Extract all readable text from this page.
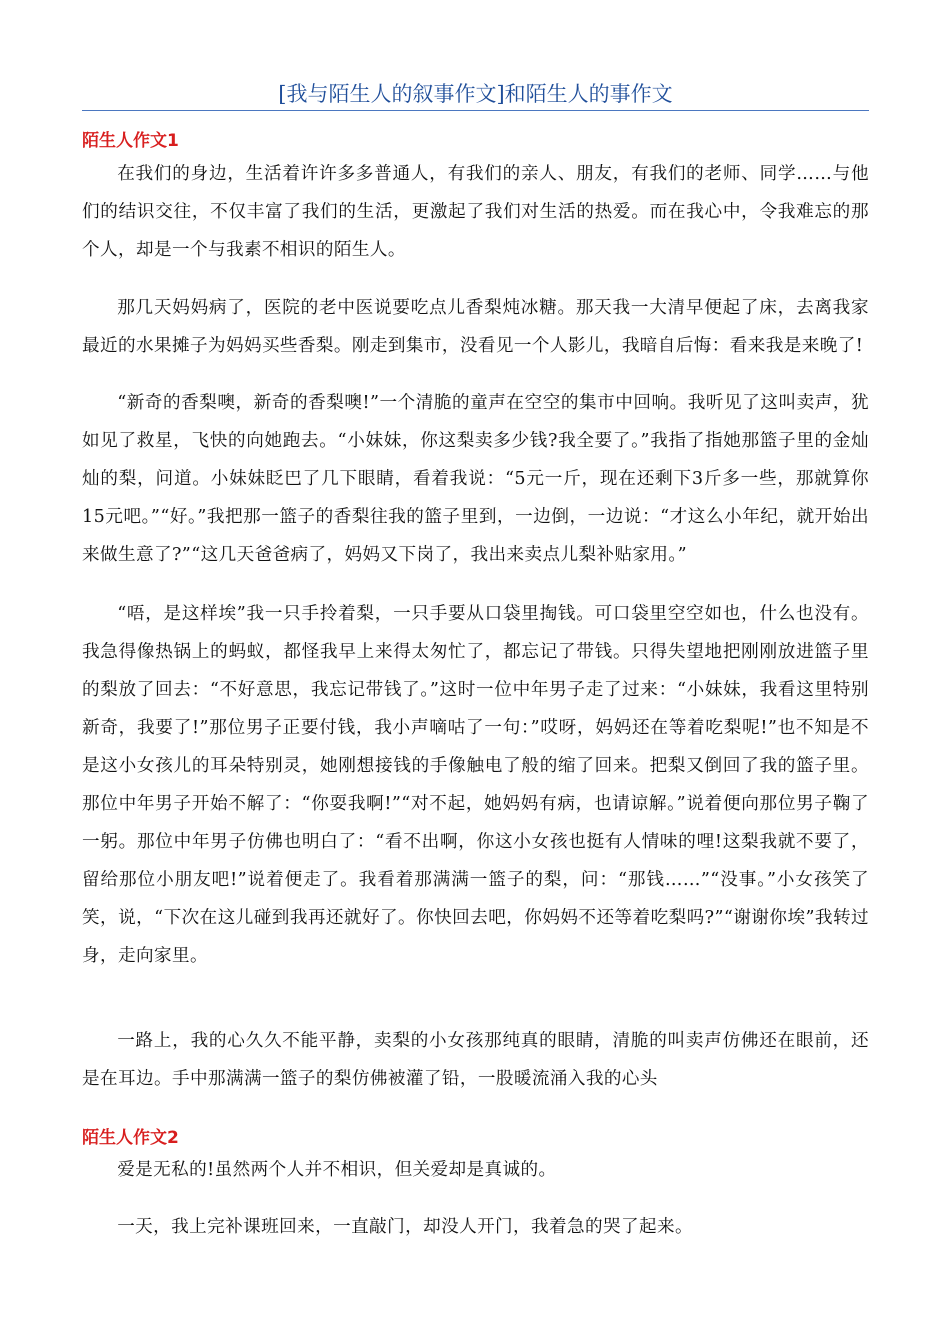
[我与陌生人的叙事作文]和陌生人的事作文
陌生人作文1

在我们的身边，生活着许许多多普通人，有我们的亲人、朋友，有我们的老师、同学……与他们的结识交往，不仅丰富了我们的生活，更激起了我们对生活的热爱。而在我心中，令我难忘的那个人，却是一个与我素不相识的陌生人。

那几天妈妈病了，医院的老中医说要吃点儿香梨炖冰糖。那天我一大清早便起了床，去离我家最近的水果摊子为妈妈买些香梨。刚走到集市，没看见一个人影儿，我暗自后悔：看来我是来晚了!

“新奇的香梨噢，新奇的香梨噢!”一个清脆的童声在空空的集市中回响。我听见了这叫卖声，犹如见了救星，飞快的向她跑去。“小妹妹，你这梨卖多少钱?我全要了。”我指了指她那篮子里的金灿灿的梨，问道。小妹妹眨巴了几下眼睛，看着我说：“5元一斤，现在还剩下3斤多一些，那就算你15元吧。”“好。”我把那一篮子的香梨往我的篮子里到，一边倒，一边说：“才这么小年纪，就开始出来做生意了?”“这几天爸爸病了，妈妈又下岗了，我出来卖点儿梨补贴家用。”

“唔，是这样埃”我一只手拎着梨，一只手要从口袋里掏钱。可口袋里空空如也，什么也没有。我急得像热锅上的蚂蚁，都怪我早上来得太匆忙了，都忘记了带钱。只得失望地把刚刚放进篮子里的梨放了回去：“不好意思，我忘记带钱了。”这时一位中年男子走了过来：“小妹妹，我看这里特别新奇，我要了!”那位男子正要付钱，我小声嘀咕了一句：”哎呀，妈妈还在等着吃梨呢!”也不知是不是这小女孩儿的耳朵特别灵，她刚想接钱的手像触电了般的缩了回来。把梨又倒回了我的篮子里。那位中年男子开始不解了：“你耍我啊!”“对不起，她妈妈有病，也请谅解。”说着便向那位男子鞠了一躬。那位中年男子仿佛也明白了：“看不出啊，你这小女孩也挺有人情味的哩!这梨我就不要了，留给那位小朋友吧!”说着便走了。我看着那满满一篮子的梨，问：“那钱……”“没事。”小女孩笑了笑，说，“下次在这儿碰到我再还就好了。你快回去吧，你妈妈不还等着吃梨吗?”“谢谢你埃”我转过身，走向家里。

一路上，我的心久久不能平静，卖梨的小女孩那纯真的眼睛，清脆的叫卖声仿佛还在眼前，还是在耳边。手中那满满一篮子的梨仿佛被灌了铅，一股暖流涌入我的心头

陌生人作文2

爱是无私的!虽然两个人并不相识，但关爱却是真诚的。

一天，我上完补课班回来，一直敲门，却没人开门，我着急的哭了起来。
